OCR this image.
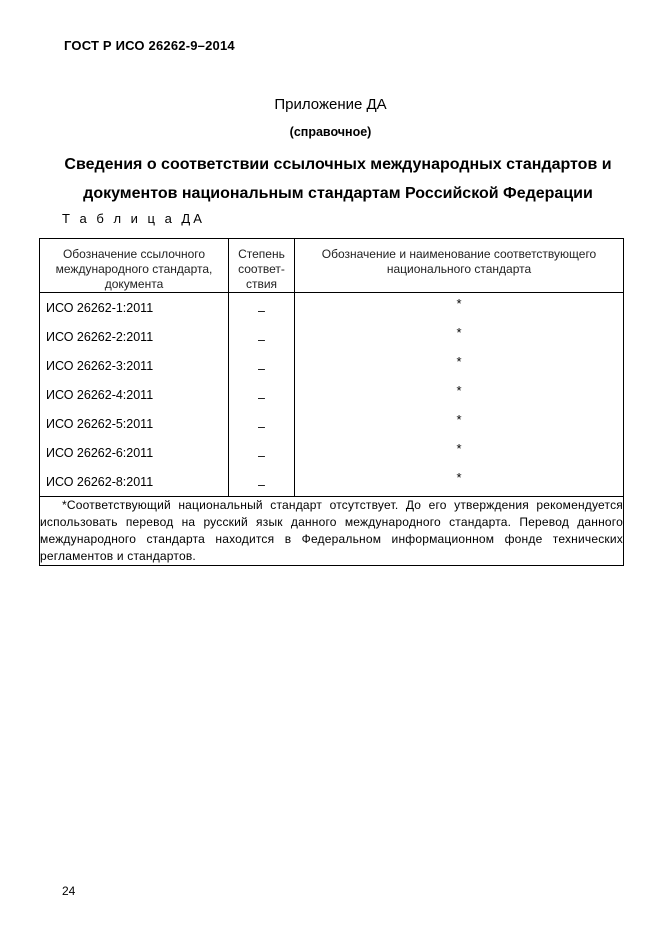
ГОСТ Р ИСО 26262-9–2014
Приложение ДА
(справочное)
Сведения о соответствии ссылочных международных стандартов и документов национальным стандартам Российской Федерации
Т а б л и ц а ДА
Обозначение ссылочного международного стандарта, документа	Степень соответ-ствия	Обозначение и наименование соответствующего национального стандарта
ИСО 26262-1:2011	–	*
ИСО 26262-2:2011	–	*
ИСО 26262-3:2011	–	*
ИСО 26262-4:2011	–	*
ИСО 26262-5:2011	–	*
ИСО 26262-6:2011	–	*
ИСО 26262-8:2011	–	*
*Соответствующий национальный стандарт отсутствует. До его утверждения рекомендуется использовать перевод на русский язык данного международного стандарта. Перевод данного международного стандарта находится в Федеральном информационном фонде технических регламентов и стандартов.		
24
